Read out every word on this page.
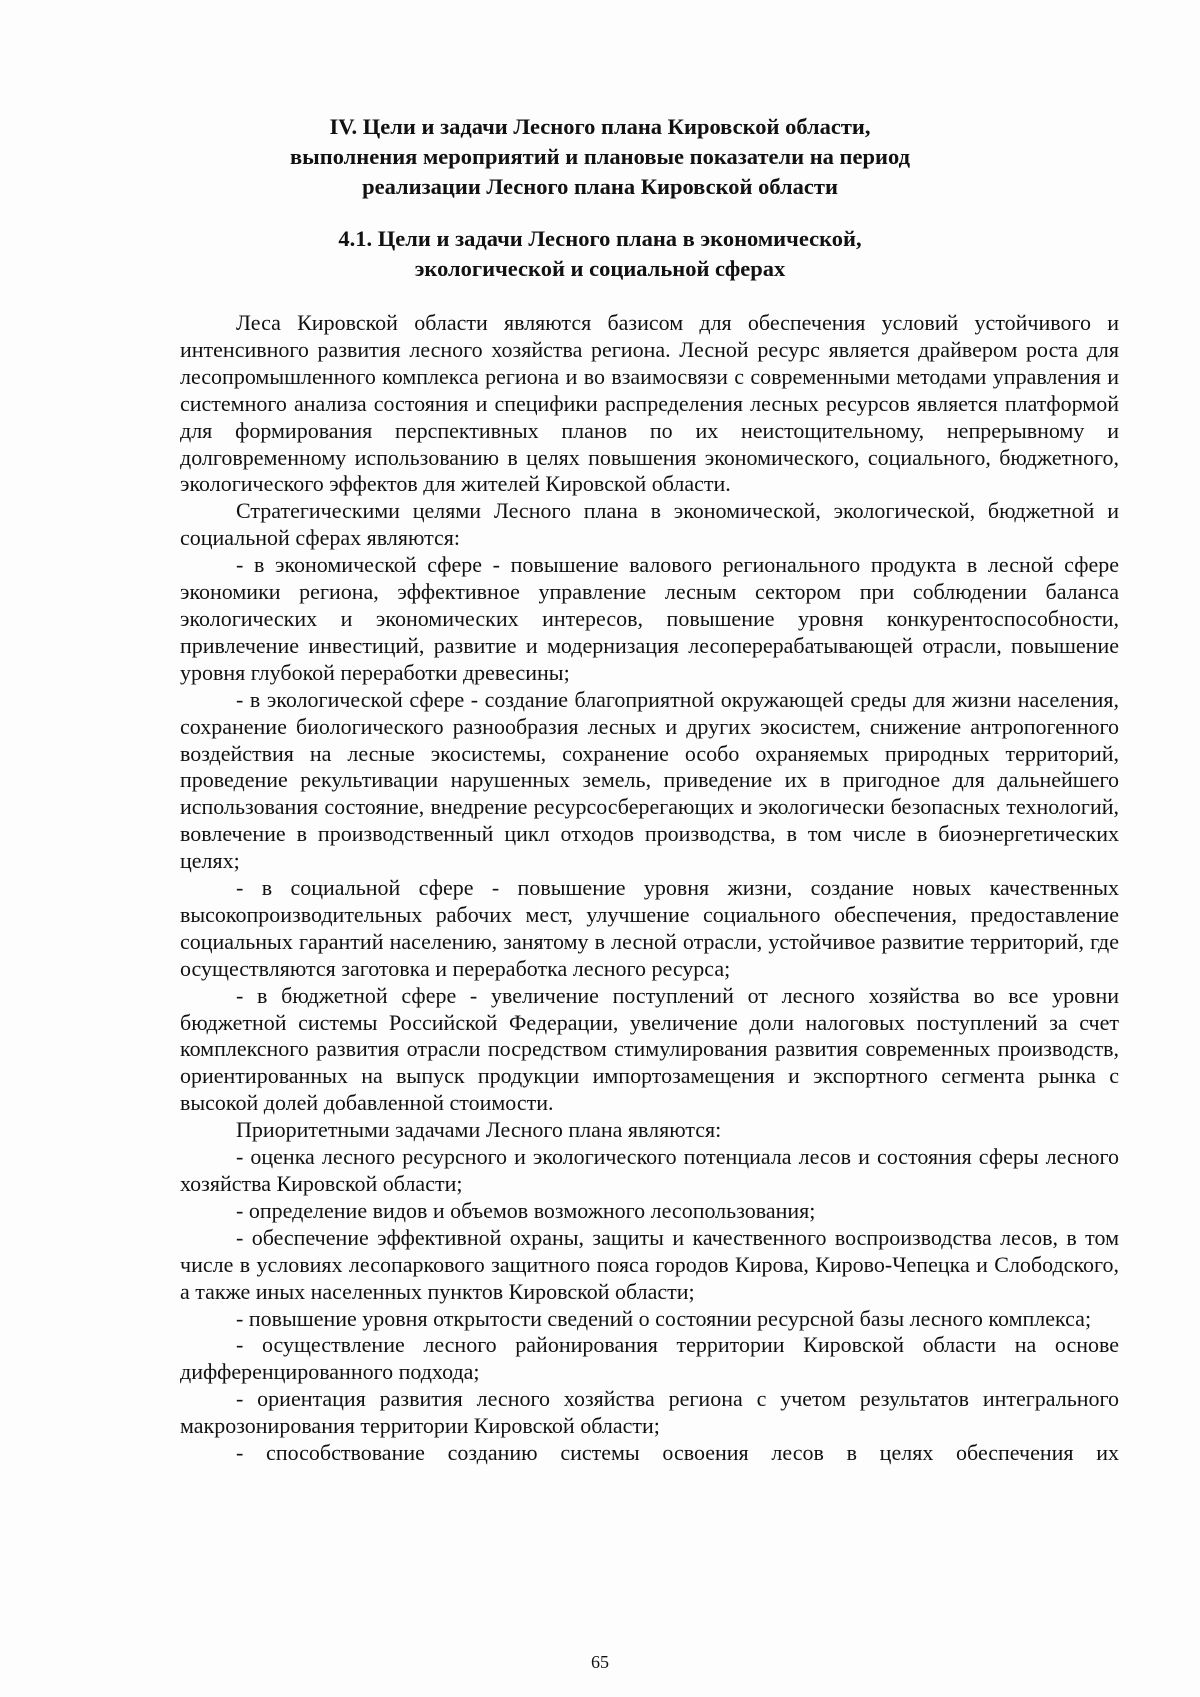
IV. Цели и задачи Лесного плана Кировской области,
выполнения мероприятий и плановые показатели на период
реализации Лесного плана Кировской области
4.1. Цели и задачи Лесного плана в экономической,
экологической и социальной сферах

Леса Кировской области являются базисом для обеспечения условий устойчивого и интенсивного развития лесного хозяйства региона. Лесной ресурс является драйвером роста для лесопромышленного комплекса региона и во взаимосвязи с современными методами управления и системного анализа состояния и специфики распределения лесных ресурсов является платформой для формирования перспективных планов по их неистощительному, непрерывному и долговременному использованию в целях повышения экономического, социального, бюджетного, экологического эффектов для жителей Кировской области.

Стратегическими целями Лесного плана в экономической, экологической, бюджетной и социальной сферах являются:

- в экономической сфере - повышение валового регионального продукта в лесной сфере экономики региона, эффективное управление лесным сектором при соблюдении баланса экологических и экономических интересов, повышение уровня конкурентоспособности, привлечение инвестиций, развитие и модернизация лесоперерабатывающей отрасли, повышение уровня глубокой переработки древесины;

- в экологической сфере - создание благоприятной окружающей среды для жизни населения, сохранение биологического разнообразия лесных и других экосистем, снижение антропогенного воздействия на лесные экосистемы, сохранение особо охраняемых природных территорий, проведение рекультивации нарушенных земель, приведение их в пригодное для дальнейшего использования состояние, внедрение ресурсосберегающих и экологически безопасных технологий, вовлечение в производственный цикл отходов производства, в том числе в биоэнергетических целях;

- в социальной сфере - повышение уровня жизни, создание новых качественных высокопроизводительных рабочих мест, улучшение социального обеспечения, предоставление социальных гарантий населению, занятому в лесной отрасли, устойчивое развитие территорий, где осуществляются заготовка и переработка лесного ресурса;

- в бюджетной сфере - увеличение поступлений от лесного хозяйства во все уровни бюджетной системы Российской Федерации, увеличение доли налоговых поступлений за счет комплексного развития отрасли посредством стимулирования развития современных производств, ориентированных на выпуск продукции импортозамещения и экспортного сегмента рынка с высокой долей добавленной стоимости.

Приоритетными задачами Лесного плана являются:

- оценка лесного ресурсного и экологического потенциала лесов и состояния сферы лесного хозяйства Кировской области;

- определение видов и объемов возможного лесопользования;

- обеспечение эффективной охраны, защиты и качественного воспроизводства лесов, в том числе в условиях лесопаркового защитного пояса городов Кирова, Кирово-Чепецка и Слободского, а также иных населенных пунктов Кировской области;

- повышение уровня открытости сведений о состоянии ресурсной базы лесного комплекса;

- осуществление лесного районирования территории Кировской области на основе дифференцированного подхода;

- ориентация развития лесного хозяйства региона с учетом результатов интегрального макрозонирования территории Кировской области;

- способствование созданию системы освоения лесов в целях обеспечения их

65
